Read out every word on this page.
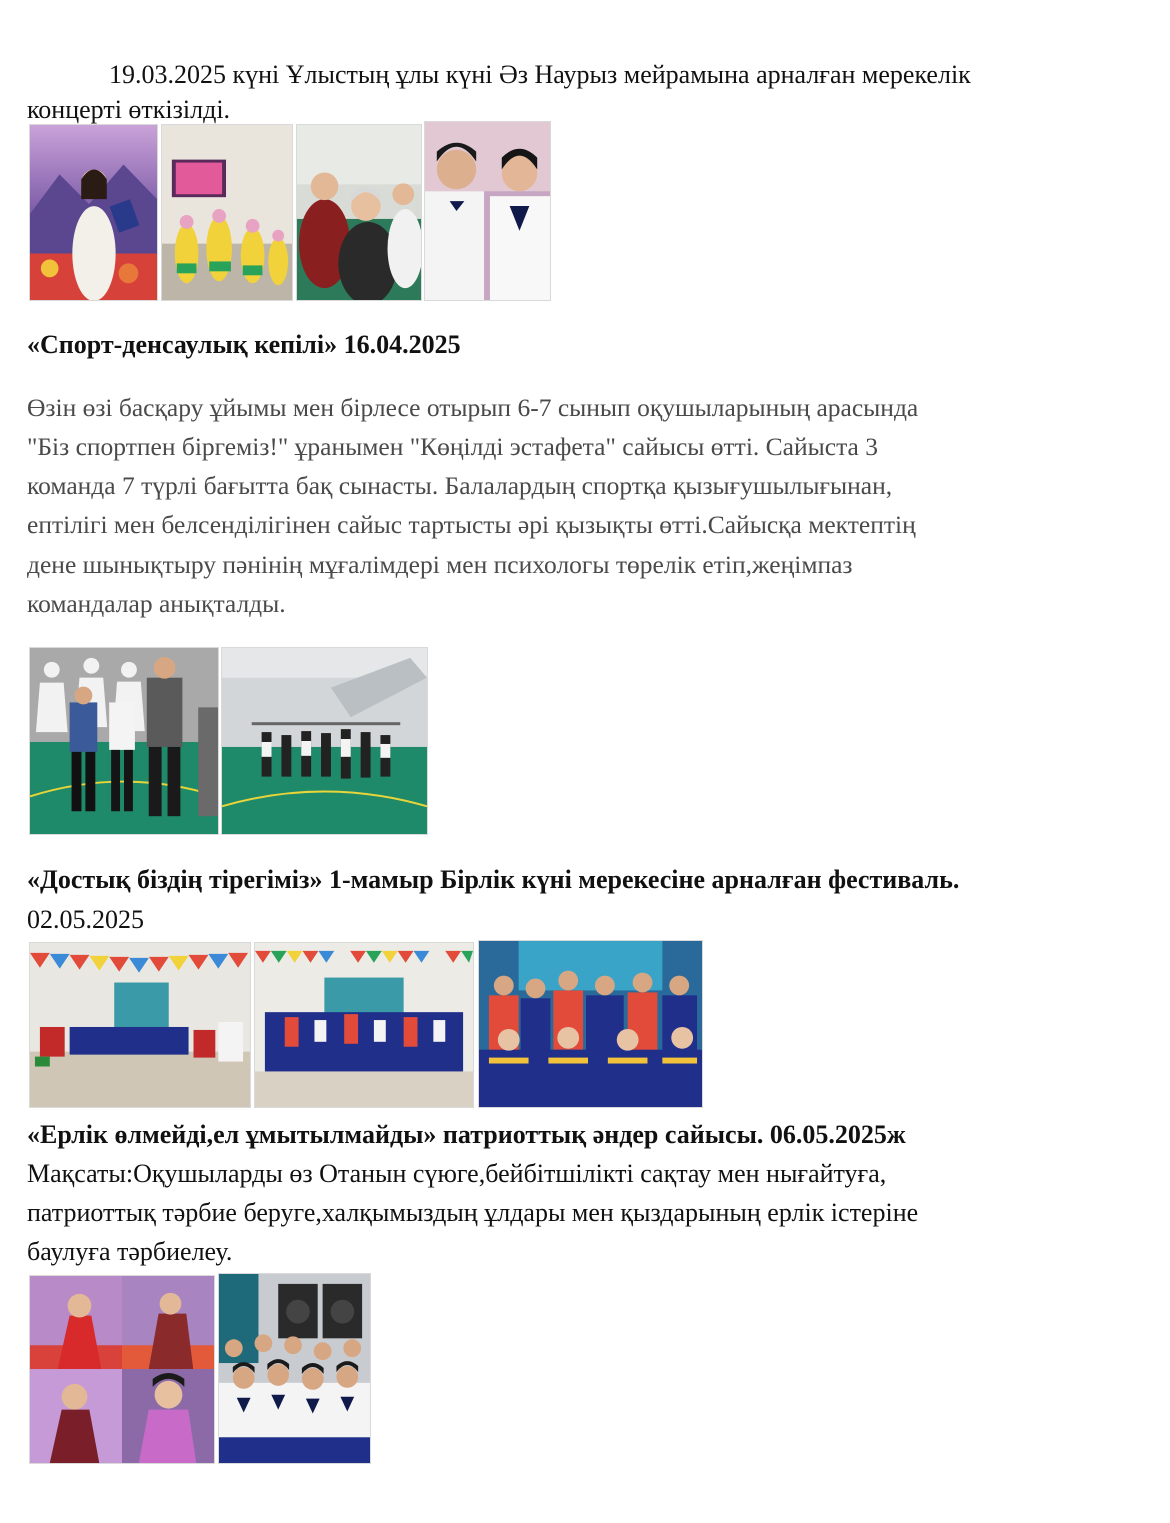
19.03.2025 күні Ұлыстың ұлы күні Әз Наурыз мейрамына арналған мерекелік

концерті өткізілді.

«Спорт-денсаулық кепілі» 16.04.2025

Өзін өзі басқару ұйымы мен бірлесе отырып 6-7 сынып оқушыларының арасында

"Біз спортпен біргеміз!" ұранымен "Көңілді эстафета" сайысы өтті. Сайыста 3

команда 7 түрлі бағытта бақ сынасты. Балалардың спортқа қызығушылығынан,

ептілігі мен белсенділігінен сайыс тартысты әрі қызықты өтті.Сайысқа мектептің

дене шынықтыру пәнінің мұғалімдері мен психологы төрелік етіп,жеңімпаз

командалар анықталды.

«Достық біздің тірегіміз» 1-мамыр Бірлік күні мерекесіне арналған фестиваль.

02.05.2025

«Ерлік өлмейді,ел ұмытылмайды» патриоттық әндер сайысы. 06.05.2025ж

Мақсаты:Оқушыларды өз Отанын сүюге,бейбітшілікті сақтау мен нығайтуға,

патриоттық тәрбие беруге,халқымыздың ұлдары мен қыздарының ерлік істеріне

баулуға тәрбиелеу.
